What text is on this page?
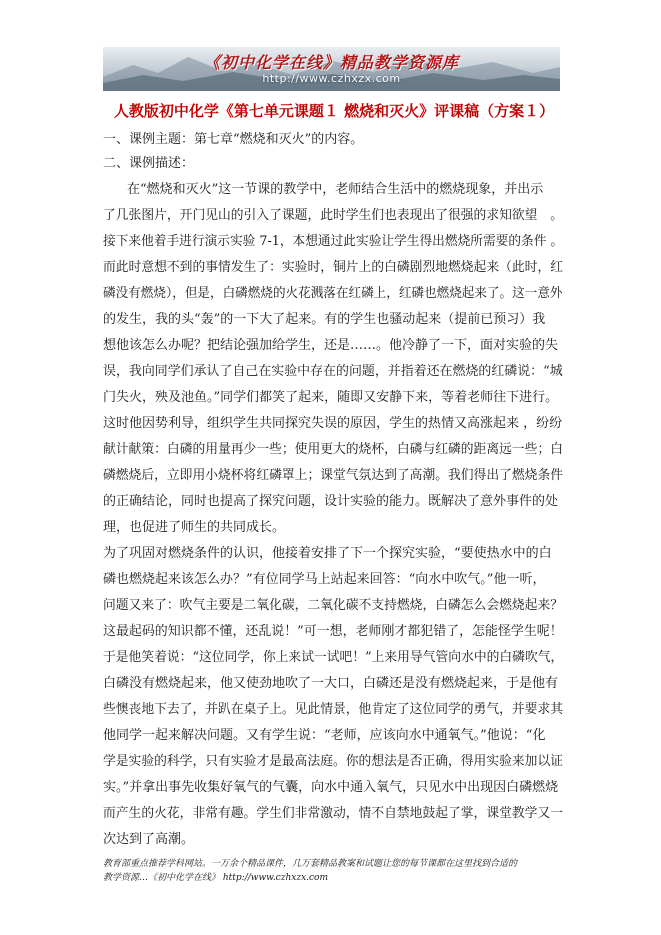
《初中化学在线》精品教学资源库
http://www.czhxzx.com
人教版初中化学《第七单元课题１ 燃烧和灭火》评课稿（方案１）
一、课例主题：第七章“燃烧和灭火”的内容。
二、课例描述：
在“燃烧和灭火”这一节课的教学中，老师结合生活中的燃烧现象，并出示
了几张图片，开门见山的引入了课题，此时学生们也表现出了很强的求知欲望　。
接下来他着手进行演示实验 7-1，本想通过此实验让学生得出燃烧所需要的条件 。
而此时意想不到的事情发生了：实验时，铜片上的白磷剧烈地燃烧起来（此时，红
磷没有燃烧），但是，白磷燃烧的火花溅落在红磷上，红磷也燃烧起来了。这一意外
的发生，我的头“轰”的一下大了起来。有的学生也骚动起来（提前已预习）我
想他该怎么办呢？把结论强加给学生，还是……。他冷静了一下，面对实验的失
误，我向同学们承认了自己在实验中存在的问题，并指着还在燃烧的红磷说：“城
门失火，殃及池鱼。”同学们都笑了起来，随即又安静下来，等着老师往下进行。
这时他因势利导，组织学生共同探究失误的原因，学生的热情又高涨起来 ，纷纷
献计献策：白磷的用量再少一些；使用更大的烧杯，白磷与红磷的距离远一些；白
磷燃烧后，立即用小烧杯将红磷罩上；课堂气氛达到了高潮。我们得出了燃烧条件
的正确结论，同时也提高了探究问题，设计实验的能力。既解决了意外事件的处
理，也促进了师生的共同成长。
为了巩固对燃烧条件的认识，他接着安排了下一个探究实验，“要使热水中的白
磷也燃烧起来该怎么办？”有位同学马上站起来回答：“向水中吹气。”他一听，
问题又来了：吹气主要是二氧化碳，二氧化碳不支持燃烧，白磷怎么会燃烧起来？
这最起码的知识都不懂，还乱说！”可一想，老师刚才都犯错了，怎能怪学生呢！
于是他笑着说：“这位同学，你上来试一试吧！”上来用导气管向水中的白磷吹气，
白磷没有燃烧起来，他又使劲地吹了一大口，白磷还是没有燃烧起来，于是他有
些懊丧地下去了，并趴在桌子上。见此情景，他肯定了这位同学的勇气，并要求其
他同学一起来解决问题。又有学生说：“老师，应该向水中通氧气。”他说：“化
学是实验的科学，只有实验才是最高法庭。你的想法是否正确，得用实验来加以证
实。”并拿出事先收集好氧气的气囊，向水中通入氧气，只见水中出现因白磷燃烧
而产生的火花，非常有趣。学生们非常激动，情不自禁地鼓起了掌，课堂教学又一
次达到了高潮。
教育部重点推荐学科网站。一万余个精品课件，几万套精品教案和试题让您的每节课都在这里找到合适的
教学资源…《初中化学在线》 http://www.czhxzx.com
